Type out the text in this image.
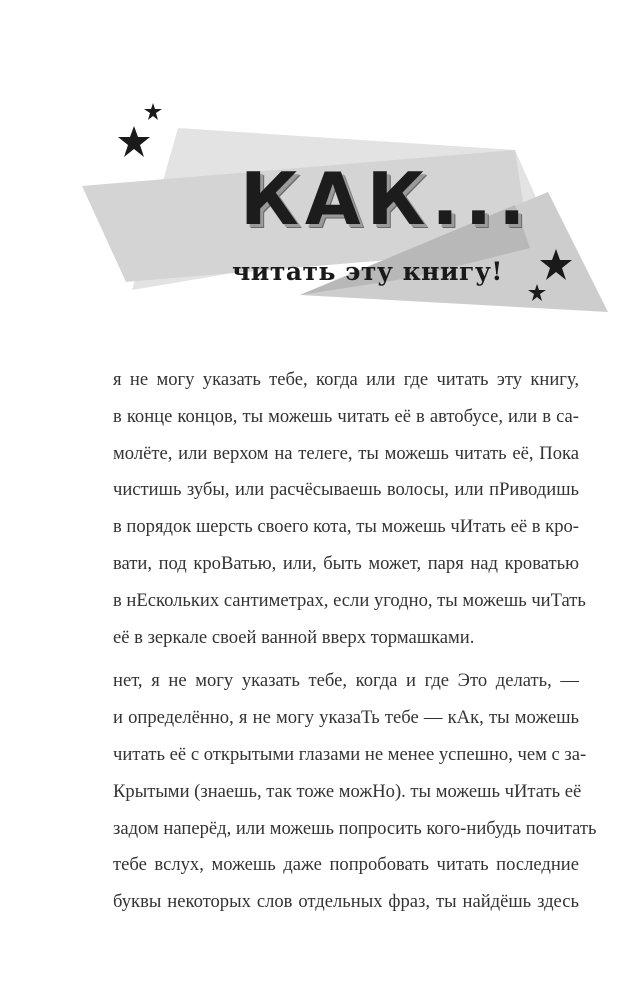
КАК...
читать эту книгу!
я не могу указать тебе, когда или где читать эту книгу,
в конце концов, ты можешь читать её в автобусе, или в са-
молёте, или верхом на телеге, ты можешь читать её, Пока
чистишь зубы, или расчёсываешь волосы, или пРиводишь
в порядок шерсть своего кота, ты можешь чИтать её в кро-
вати, под кроВатью, или, быть может, паря над кроватью
в нЕскольких сантиметрах, если угодно, ты можешь чиТать
её в зеркале своей ванной вверх тормашками.
нет, я не могу указать тебе, когда и где Это делать, —
и определённо, я не могу указаТь тебе — кАк, ты можешь
читать её с открытыми глазами не менее успешно, чем с за-
Крытыми (знаешь, так тоже можНо). ты можешь чИтать её
задом наперёд, или можешь попросить кого-нибудь почитать
тебе вслух, можешь даже попробовать читать последние
буквы некоторых слов отдельных фраз, ты найдёшь здесь
